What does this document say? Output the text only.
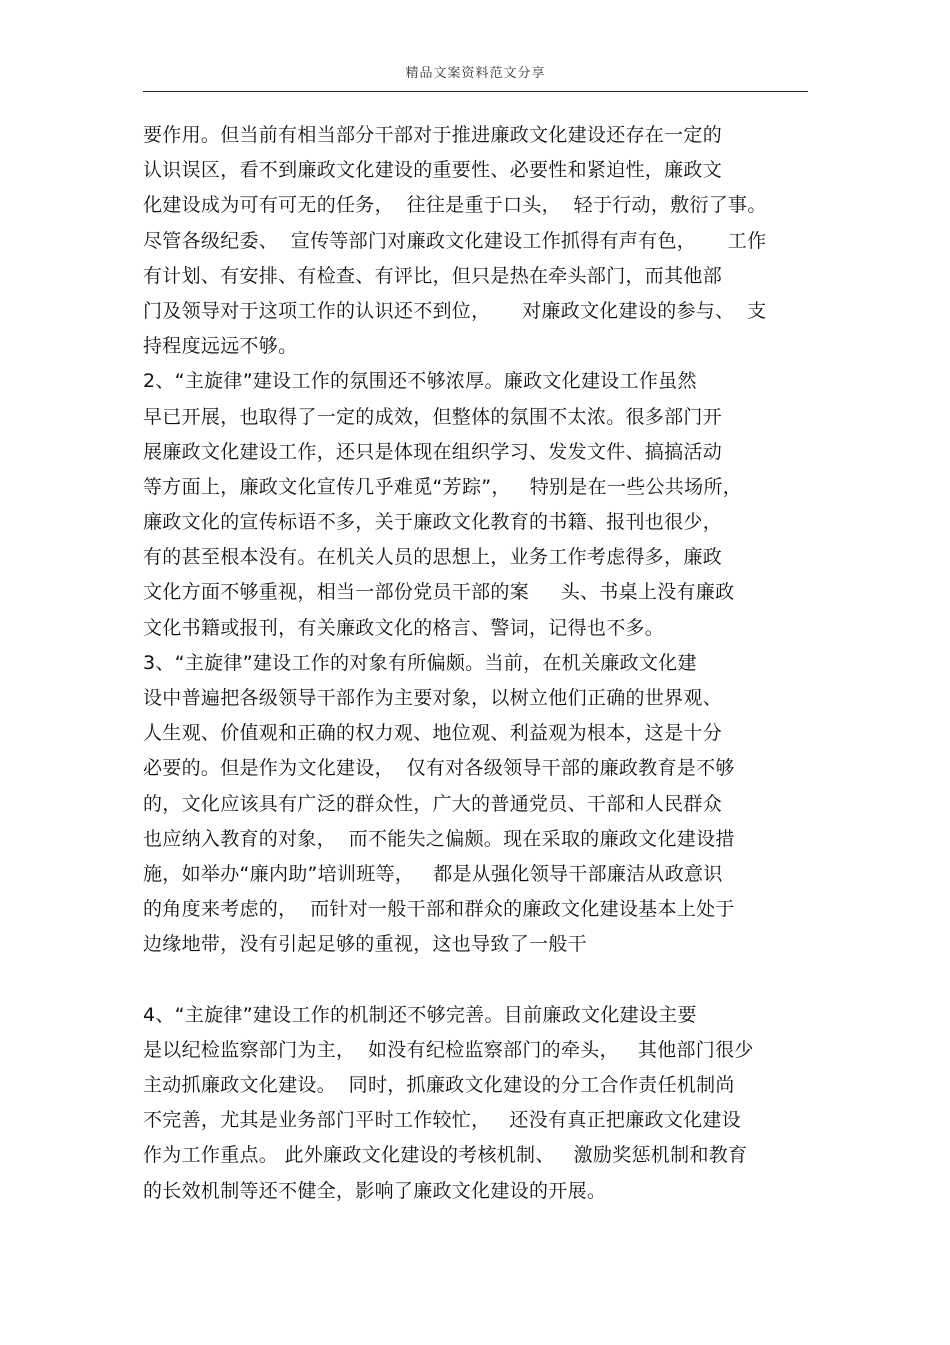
精品文案资料范文分享
要作用。但当前有相当部分干部对于推进廉政文化建设还存在一定的
认识误区，看不到廉政文化建设的重要性、必要性和紧迫性，廉政文
化建设成为可有可无的任务，  往往是重于口头，  轻于行动，敷衍了事。
尽管各级纪委、  宣传等部门对廉政文化建设工作抓得有声有色，     工作
有计划、有安排、有检查、有评比，但只是热在牵头部门，而其他部
门及领导对于这项工作的认识还不到位，     对廉政文化建设的参与、  支
持程度远远不够。
2、“主旋律”建设工作的氛围还不够浓厚。廉政文化建设工作虽然
早已开展，也取得了一定的成效，但整体的氛围不太浓。很多部门开
展廉政文化建设工作，还只是体现在组织学习、发发文件、搞搞活动
等方面上，廉政文化宣传几乎难觅“芳踪”，   特别是在一些公共场所，
廉政文化的宣传标语不多，关于廉政文化教育的书籍、报刊也很少，
有的甚至根本没有。在机关人员的思想上，业务工作考虑得多，廉政
文化方面不够重视，相当一部份党员干部的案     头、书桌上没有廉政
文化书籍或报刊，有关廉政文化的格言、警词，记得也不多。
3、“主旋律”建设工作的对象有所偏颇。当前，在机关廉政文化建
设中普遍把各级领导干部作为主要对象，以树立他们正确的世界观、
人生观、价值观和正确的权力观、地位观、利益观为根本，这是十分
必要的。但是作为文化建设，  仅有对各级领导干部的廉政教育是不够
的，文化应该具有广泛的群众性，广大的普通党员、干部和人民群众
也应纳入教育的对象，  而不能失之偏颇。现在采取的廉政文化建设措
施，如举办“廉内助”培训班等，   都是从强化领导干部廉洁从政意识
的角度来考虑的，  而针对一般干部和群众的廉政文化建设基本上处于
边缘地带，没有引起足够的重视，这也导致了一般干
4、“主旋律”建设工作的机制还不够完善。目前廉政文化建设主要
是以纪检监察部门为主，  如没有纪检监察部门的牵头，   其他部门很少
主动抓廉政文化建设。  同时，抓廉政文化建设的分工合作责任机制尚
不完善，尤其是业务部门平时工作较忙，   还没有真正把廉政文化建设
作为工作重点。 此外廉政文化建设的考核机制、   激励奖惩机制和教育
的长效机制等还不健全，影响了廉政文化建设的开展。
